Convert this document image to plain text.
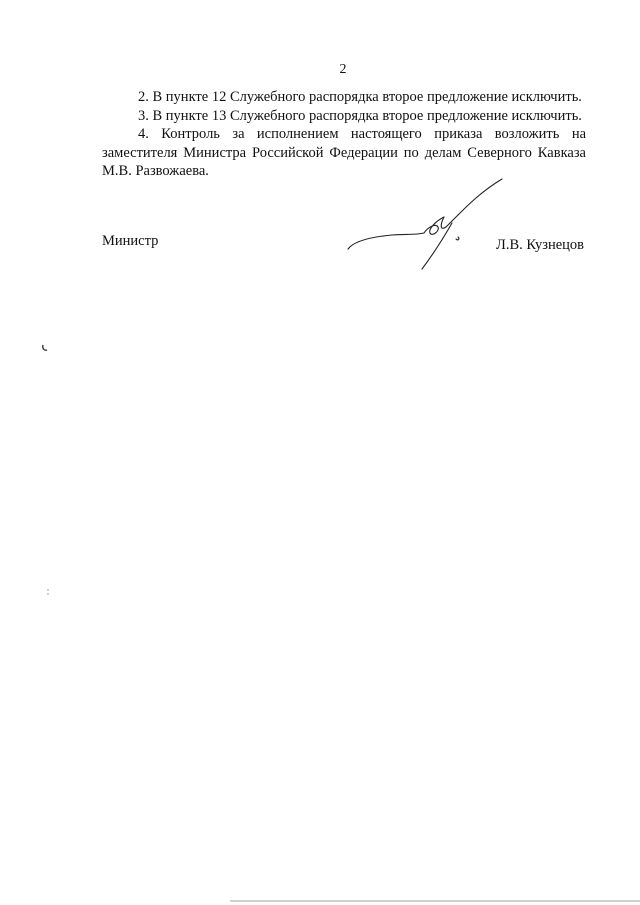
2

2. В пункте 12 Служебного распорядка второе предложение исключить.

3. В пункте 13 Служебного распорядка второе предложение исключить.

4. Контроль за исполнением настоящего приказа возложить на заместителя Министра Российской Федерации по делам Северного Кавказа М.В. Развожаева.

Министр	Л.В. Кузнецов
